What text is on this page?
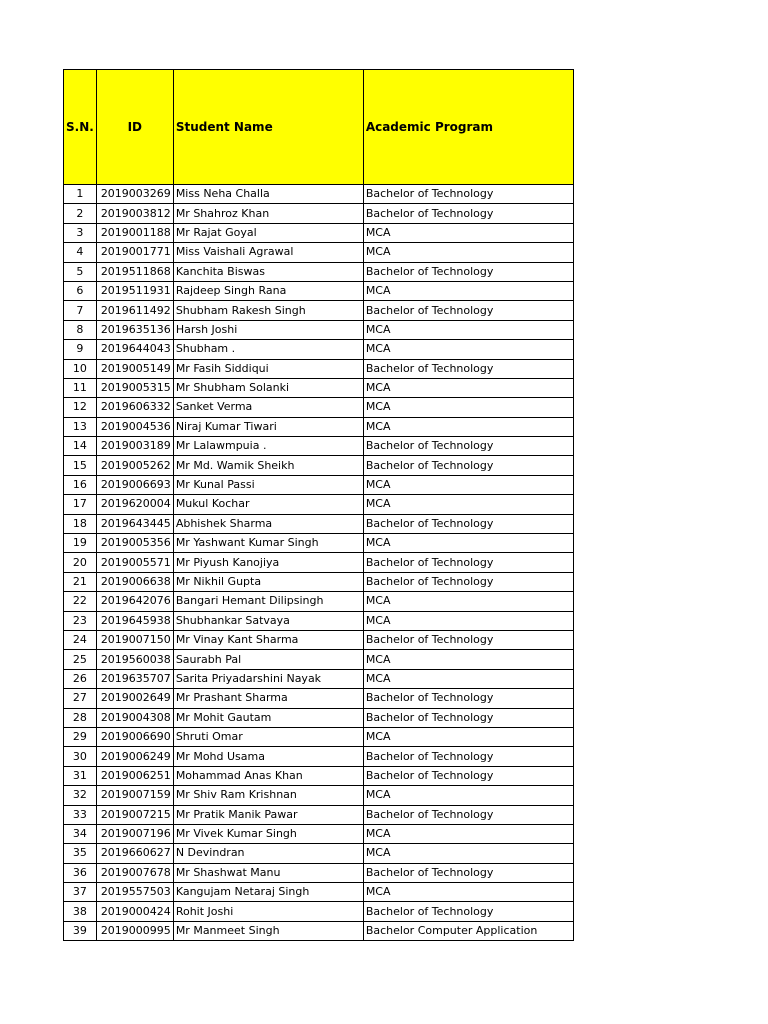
S.N.	ID	Student Name	Academic Program
1	2019003269	Miss Neha Challa	Bachelor of Technology
2	2019003812	Mr Shahroz Khan	Bachelor of Technology
3	2019001188	Mr Rajat Goyal	MCA
4	2019001771	Miss Vaishali Agrawal	MCA
5	2019511868	Kanchita Biswas	Bachelor of Technology
6	2019511931	Rajdeep Singh Rana	MCA
7	2019611492	Shubham Rakesh Singh	Bachelor of Technology
8	2019635136	Harsh Joshi	MCA
9	2019644043	Shubham .	MCA
10	2019005149	Mr Fasih Siddiqui	Bachelor of Technology
11	2019005315	Mr Shubham Solanki	MCA
12	2019606332	Sanket Verma	MCA
13	2019004536	Niraj Kumar Tiwari	MCA
14	2019003189	Mr Lalawmpuia .	Bachelor of Technology
15	2019005262	Mr Md. Wamik Sheikh	Bachelor of Technology
16	2019006693	Mr Kunal Passi	MCA
17	2019620004	Mukul Kochar	MCA
18	2019643445	Abhishek Sharma	Bachelor of Technology
19	2019005356	Mr Yashwant Kumar Singh	MCA
20	2019005571	Mr Piyush Kanojiya	Bachelor of Technology
21	2019006638	Mr Nikhil Gupta	Bachelor of Technology
22	2019642076	Bangari Hemant Dilipsingh	MCA
23	2019645938	Shubhankar Satvaya	MCA
24	2019007150	Mr Vinay Kant Sharma	Bachelor of Technology
25	2019560038	Saurabh Pal	MCA
26	2019635707	Sarita Priyadarshini Nayak	MCA
27	2019002649	Mr Prashant Sharma	Bachelor of Technology
28	2019004308	Mr Mohit Gautam	Bachelor of Technology
29	2019006690	Shruti Omar	MCA
30	2019006249	Mr Mohd Usama	Bachelor of Technology
31	2019006251	Mohammad Anas Khan	Bachelor of Technology
32	2019007159	Mr Shiv Ram Krishnan	MCA
33	2019007215	Mr Pratik Manik Pawar	Bachelor of Technology
34	2019007196	Mr Vivek Kumar Singh	MCA
35	2019660627	N Devindran	MCA
36	2019007678	Mr Shashwat Manu	Bachelor of Technology
37	2019557503	Kangujam Netaraj Singh	MCA
38	2019000424	Rohit Joshi	Bachelor of Technology
39	2019000995	Mr Manmeet Singh	Bachelor Computer Application
